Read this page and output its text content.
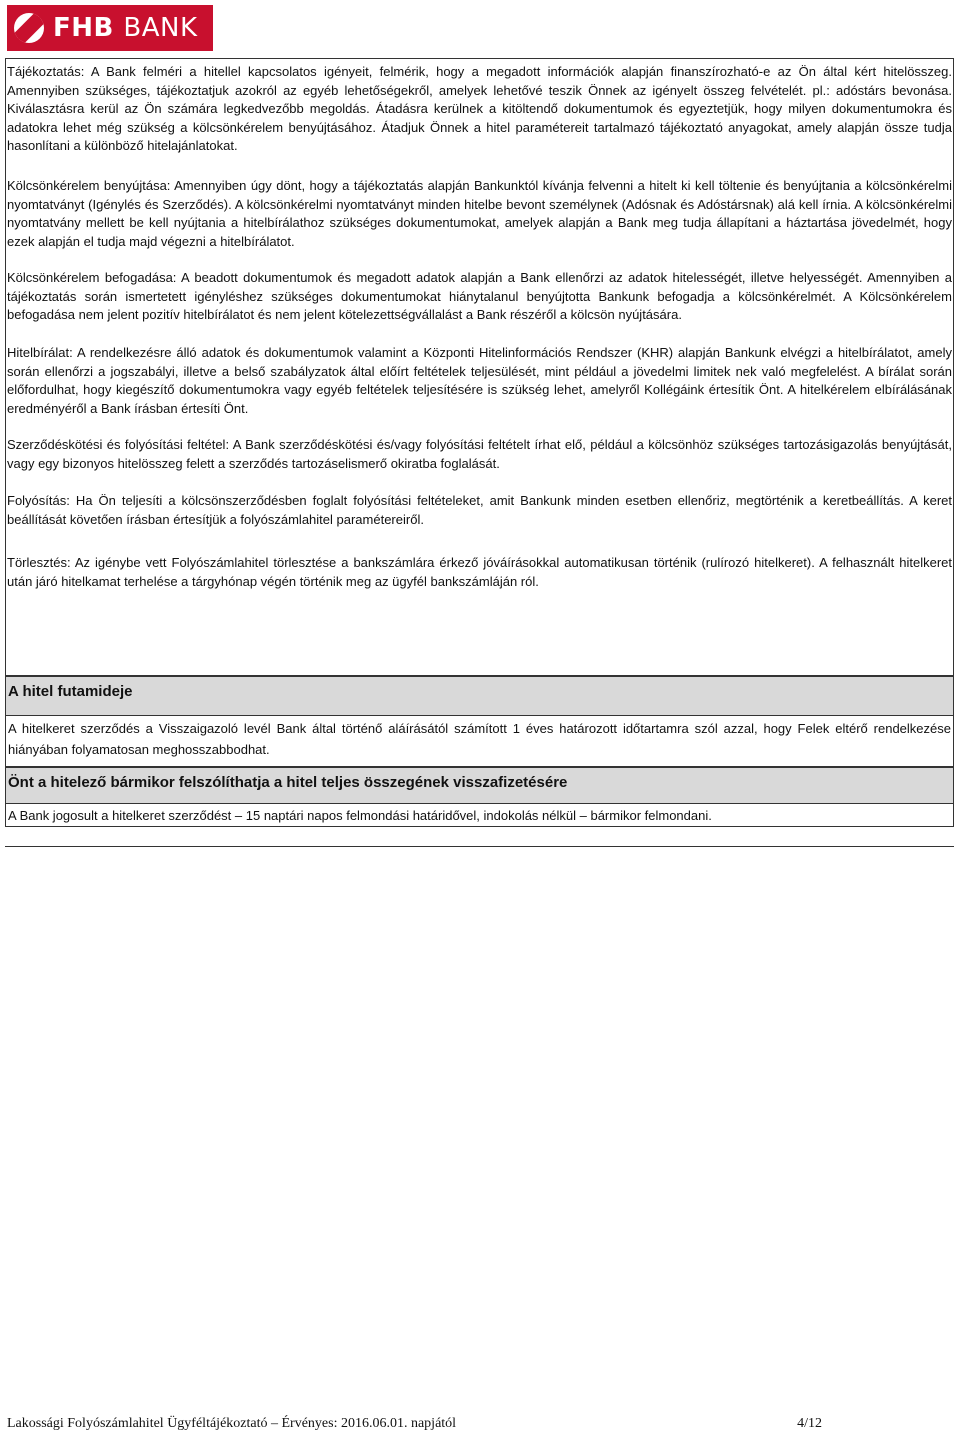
FHB BANK

Tájékoztatás: A Bank felméri a hitellel kapcsolatos igényeit, felmérik, hogy a megadott információk alapján finanszírozható-e az Ön által kért hitelösszeg. Amennyiben szükséges, tájékoztatjuk azokról az egyéb lehetőségekről, amelyek lehetővé teszik Önnek az igényelt összeg felvételét. pl.: adóstárs bevonása. Kiválasztásra kerül az Ön számára legkedvezőbb megoldás. Átadásra kerülnek a kitöltendő dokumentumok és egyeztetjük, hogy milyen dokumentumokra és adatokra lehet még szükség a kölcsönkérelem benyújtásához. Átadjuk Önnek a hitel paramétereit tartalmazó tájékoztató anyagokat, amely alapján össze tudja hasonlítani a különböző hitelajánlatokat.

Kölcsönkérelem benyújtása: Amennyiben úgy dönt, hogy a tájékoztatás alapján Bankunktól kívánja felvenni a hitelt ki kell töltenie és benyújtania a kölcsönkérelmi nyomtatványt (Igénylés és Szerződés). A kölcsönkérelmi nyomtatványt minden hitelbe bevont személynek (Adósnak és Adóstársnak) alá kell írnia. A kölcsönkérelmi nyomtatvány mellett be kell nyújtania a hitelbírálathoz szükséges dokumentumokat, amelyek alapján a Bank meg tudja állapítani a háztartása jövedelmét, hogy ezek alapján el tudja majd végezni a hitelbírálatot.

Kölcsönkérelem befogadása: A beadott dokumentumok és megadott adatok alapján a Bank ellenőrzi az adatok hitelességét, illetve helyességét. Amennyiben a tájékoztatás során ismertetett igényléshez szükséges dokumentumokat hiánytalanul benyújtotta Bankunk befogadja a kölcsönkérelmét. A Kölcsönkérelem befogadása nem jelent pozitív hitelbírálatot és nem jelent kötelezettségvállalást a Bank részéről a kölcsön nyújtására.

Hitelbírálat: A rendelkezésre álló adatok és dokumentumok valamint a Központi Hitelinformációs Rendszer (KHR) alapján Bankunk elvégzi a hitelbírálatot, amely során ellenőrzi a jogszabályi, illetve a belső szabályzatok által előírt feltételek teljesülését, mint például a jövedelmi limitek nek való megfelelést. A bírálat során előfordulhat, hogy kiegészítő dokumentumokra vagy egyéb feltételek teljesítésére is szükség lehet, amelyről Kollégáink értesítik Önt. A hitelkérelem elbírálásának eredményéről a Bank írásban értesíti Önt.

Szerződéskötési és folyósítási feltétel: A Bank szerződéskötési és/vagy folyósítási feltételt írhat elő, például a kölcsönhöz szükséges tartozásigazolás benyújtását, vagy egy bizonyos hitelösszeg felett a szerződés tartozáselismerő okiratba foglalását.

Folyósítás: Ha Ön teljesíti a kölcsönszerződésben foglalt folyósítási feltételeket, amit Bankunk minden esetben ellenőriz, megtörténik a keretbeállítás. A keret beállítását követően írásban értesítjük a folyószámlahitel paramétereiről.

Törlesztés: Az igénybe vett Folyószámlahitel törlesztése a bankszámlára érkező jóváírásokkal automatikusan történik (rulírozó hitelkeret). A felhasznált hitelkeret után járó hitelkamat terhelése a tárgyhónap végén történik meg az ügyfél bankszámláján ról.

A hitel futamideje
A hitelkeret szerződés a Visszaigazoló levél Bank által történő aláírásától számított 1 éves határozott időtartamra szól azzal, hogy Felek eltérő rendelkezése hiányában folyamatosan meghosszabbodhat.
Önt a hitelező bármikor felszólíthatja a hitel teljes összegének visszafizetésére
A Bank jogosult a hitelkeret szerződést – 15 naptári napos felmondási határidővel, indokolás nélkül – bármikor felmondani.
Lakossági Folyószámlahitel Ügyféltájékoztató – Érvényes: 2016.06.01. napjától	4/12
